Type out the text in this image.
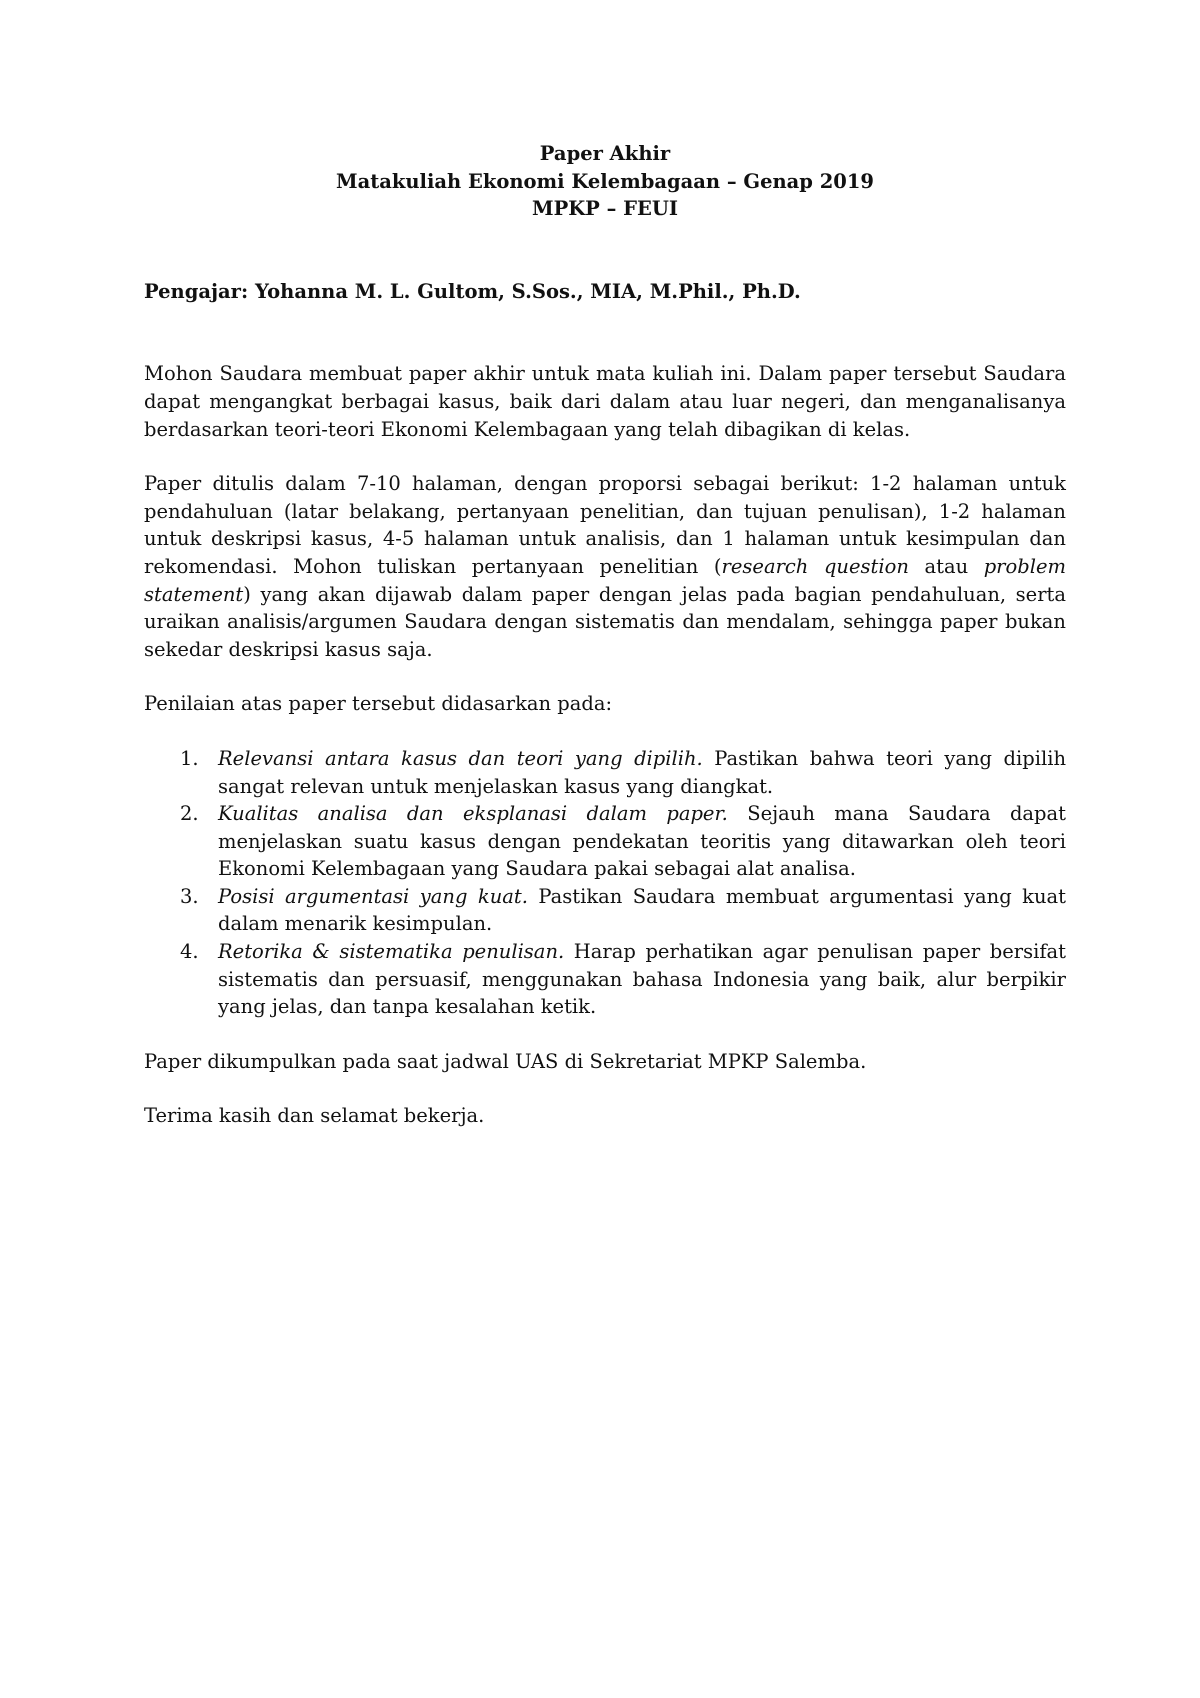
Paper Akhir
Matakuliah Ekonomi Kelembagaan – Genap 2019
MPKP – FEUI
Pengajar: Yohanna M. L. Gultom, S.Sos., MIA, M.Phil., Ph.D.

Mohon Saudara membuat paper akhir untuk mata kuliah ini. Dalam paper tersebut Saudara dapat mengangkat berbagai kasus, baik dari dalam atau luar negeri, dan menganalisanya berdasarkan teori-teori Ekonomi Kelembagaan yang telah dibagikan di kelas.

Paper ditulis dalam 7-10 halaman, dengan proporsi sebagai berikut: 1-2 halaman untuk pendahuluan (latar belakang, pertanyaan penelitian, dan tujuan penulisan), 1-2 halaman untuk deskripsi kasus, 4-5 halaman untuk analisis, dan 1 halaman untuk kesimpulan dan rekomendasi. Mohon tuliskan pertanyaan penelitian (research question atau problem statement) yang akan dijawab dalam paper dengan jelas pada bagian pendahuluan, serta uraikan analisis/argumen Saudara dengan sistematis dan mendalam, sehingga paper bukan sekedar deskripsi kasus saja.

Penilaian atas paper tersebut didasarkan pada:

1. Relevansi antara kasus dan teori yang dipilih. Pastikan bahwa teori yang dipilih sangat relevan untuk menjelaskan kasus yang diangkat.
2. Kualitas analisa dan eksplanasi dalam paper. Sejauh mana Saudara dapat menjelaskan suatu kasus dengan pendekatan teoritis yang ditawarkan oleh teori Ekonomi Kelembagaan yang Saudara pakai sebagai alat analisa.
3. Posisi argumentasi yang kuat. Pastikan Saudara membuat argumentasi yang kuat dalam menarik kesimpulan.
4. Retorika & sistematika penulisan. Harap perhatikan agar penulisan paper bersifat sistematis dan persuasif, menggunakan bahasa Indonesia yang baik, alur berpikir yang jelas, dan tanpa kesalahan ketik.

Paper dikumpulkan pada saat jadwal UAS di Sekretariat MPKP Salemba.

Terima kasih dan selamat bekerja.
